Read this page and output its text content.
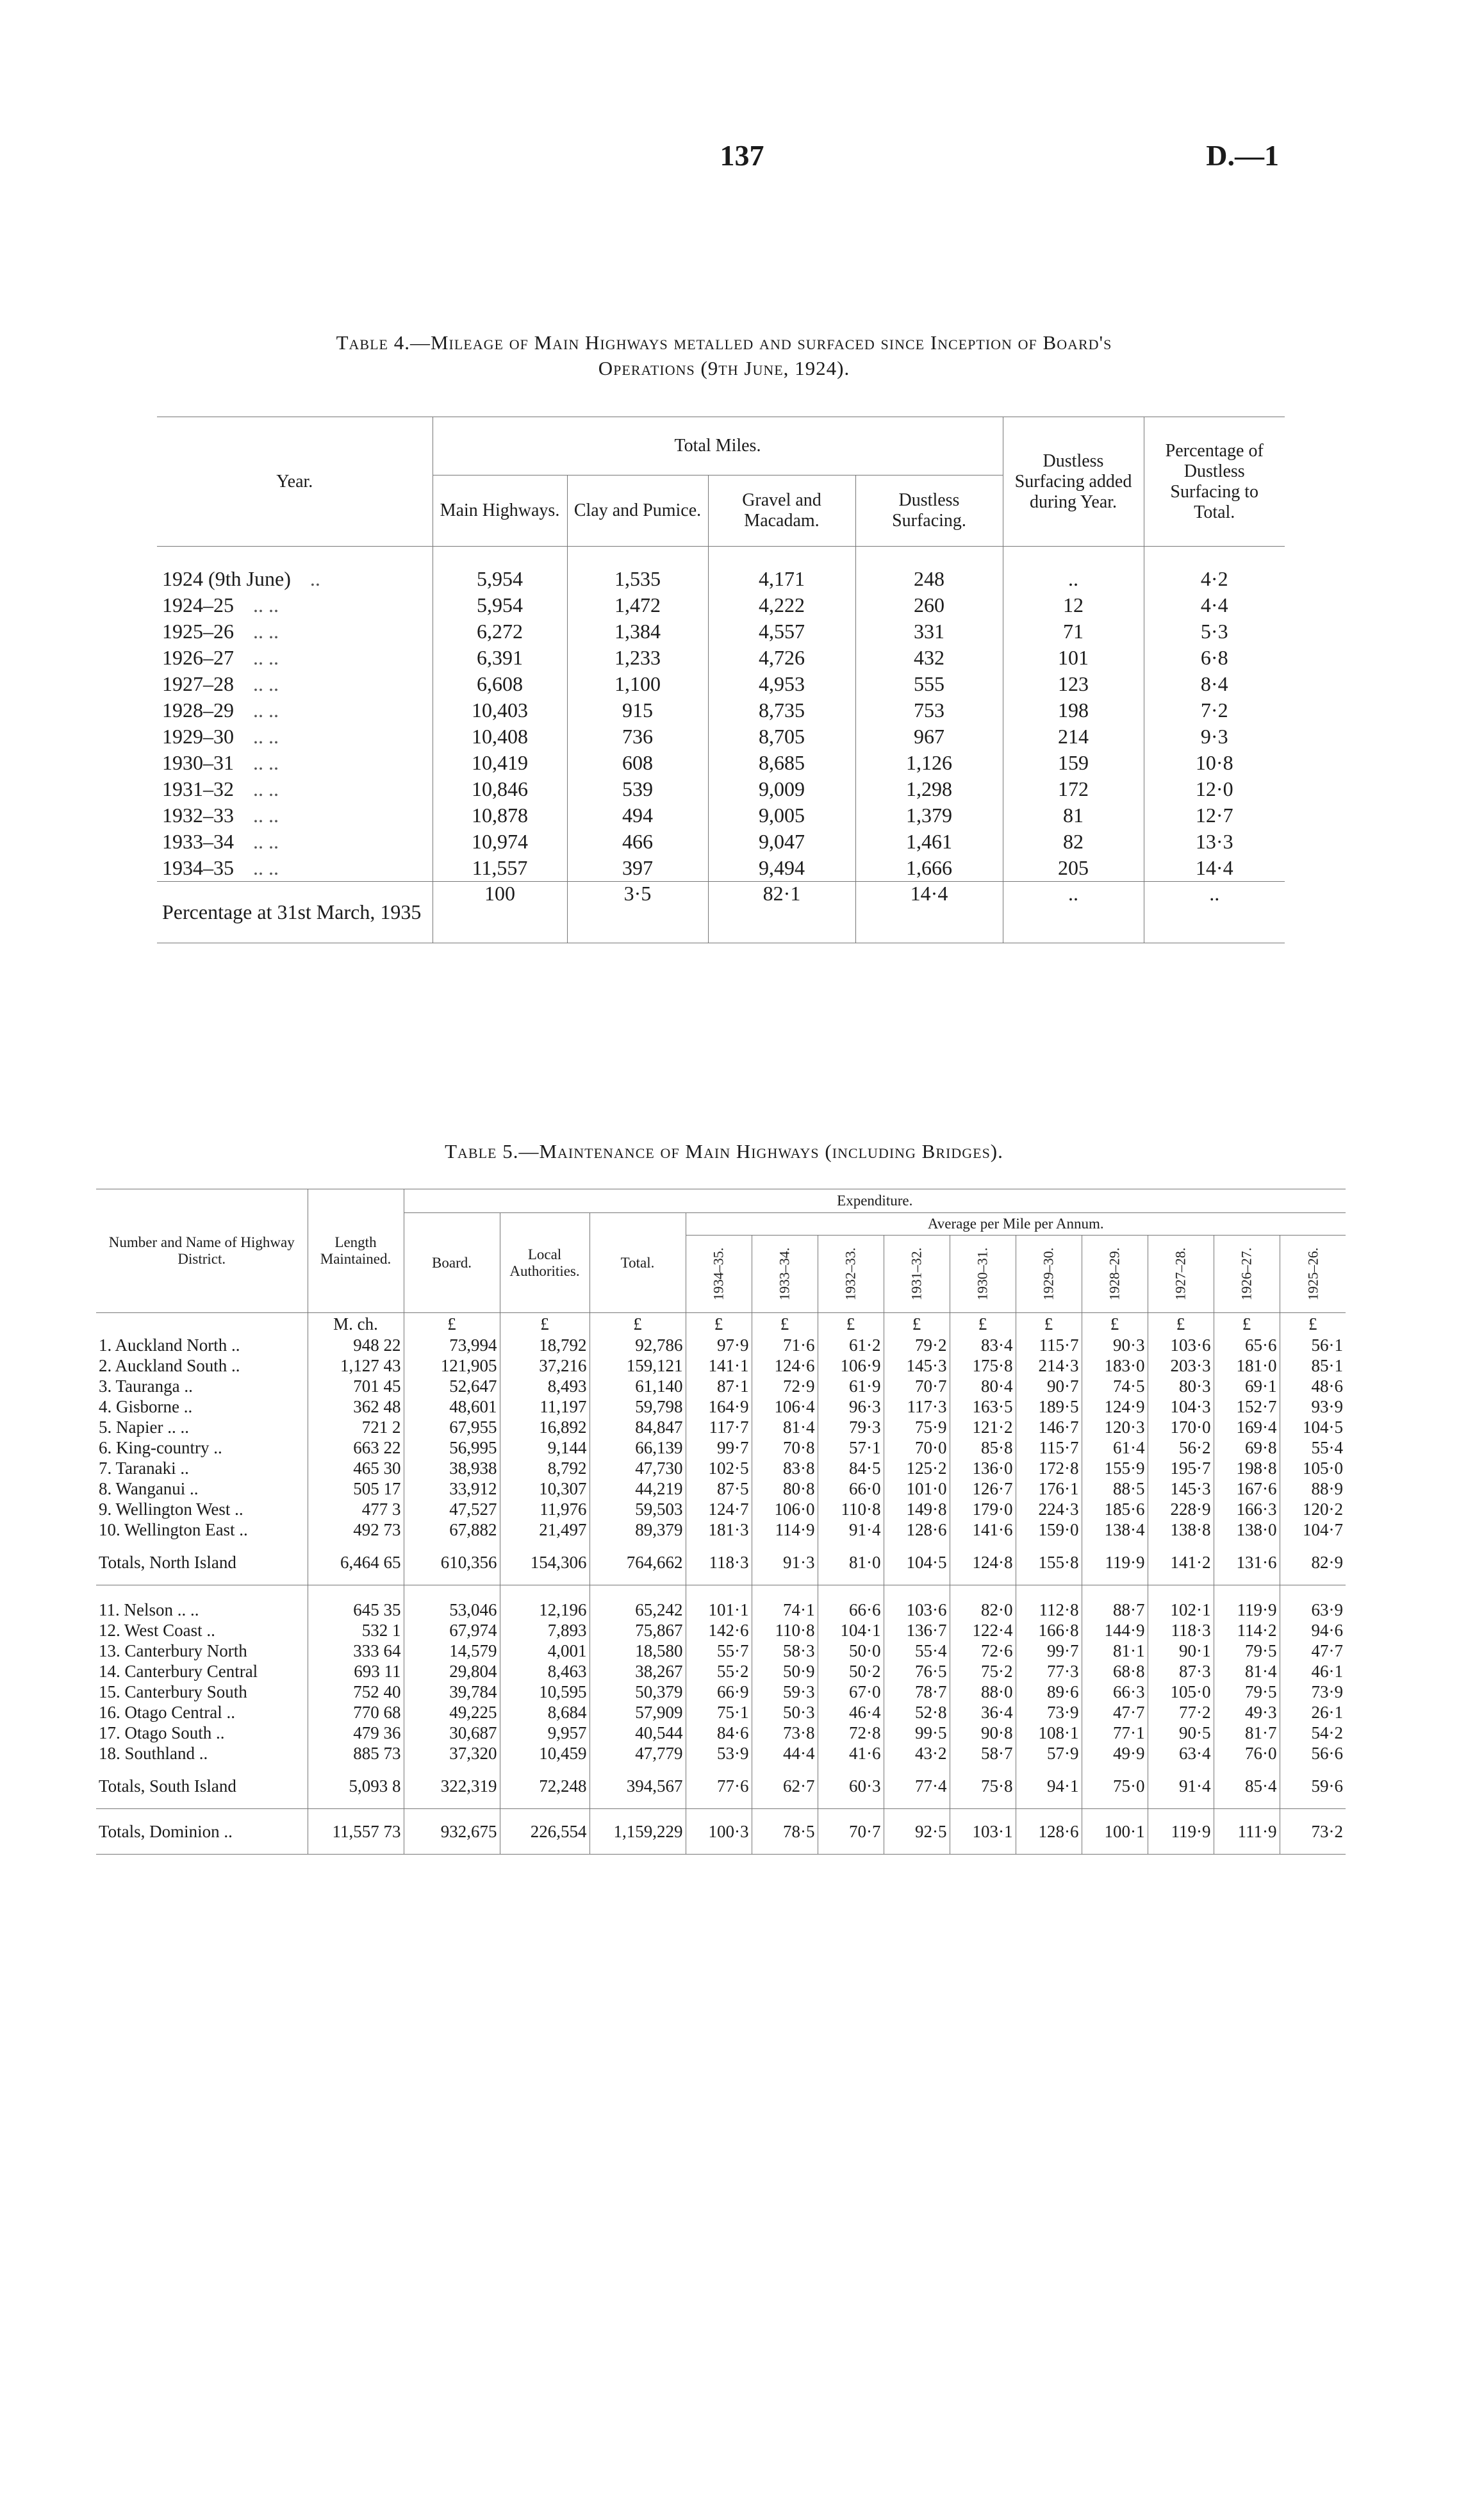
137	D.—1
Table 4.—Mileage of Main Highways metalled and surfaced since Inception of Board's
Operations (9th June, 1924).
Year.	Total Miles.				Dustless Surfacing added during Year.	Percentage of Dustless Surfacing to Total.
	Main Highways.	Clay and Pumice.	Gravel and Macadam.	Dustless Surfacing.		
1924 (9th June) ..	5,954	1,535	4,171	248	..	4·2
1924–25 .. ..	5,954	1,472	4,222	260	12	4·4
1925–26 .. ..	6,272	1,384	4,557	331	71	5·3
1926–27 .. ..	6,391	1,233	4,726	432	101	6·8
1927–28 .. ..	6,608	1,100	4,953	555	123	8·4
1928–29 .. ..	10,403	915	8,735	753	198	7·2
1929–30 .. ..	10,408	736	8,705	967	214	9·3
1930–31 .. ..	10,419	608	8,685	1,126	159	10·8
1931–32 .. ..	10,846	539	9,009	1,298	172	12·0
1932–33 .. ..	10,878	494	9,005	1,379	81	12·7
1933–34 .. ..	10,974	466	9,047	1,461	82	13·3
1934–35 .. ..	11,557	397	9,494	1,666	205	14·4
Percentage at 31st March, 1935	100	3·5	82·1	14·4	..	..
Table 5.—Maintenance of Main Highways (including Bridges).
Number and Name of Highway District.	Length Maintained.	Expenditure.												
		Board.	Local Authorities.	Total.	Average per Mile per Annum.									
					1934–35.	1933–34.	1932–33.	1931–32.	1930–31.	1929–30.	1928–29.	1927–28.	1926–27.	1925–26.
	M. ch.	£	£	£	£	£	£	£	£	£	£	£	£	£
1. Auckland North ..	948 22	73,994	18,792	92,786	97·9	71·6	61·2	79·2	83·4	115·7	90·3	103·6	65·6	56·1
2. Auckland South ..	1,127 43	121,905	37,216	159,121	141·1	124·6	106·9	145·3	175·8	214·3	183·0	203·3	181·0	85·1
3. Tauranga ..	701 45	52,647	8,493	61,140	87·1	72·9	61·9	70·7	80·4	90·7	74·5	80·3	69·1	48·6
4. Gisborne ..	362 48	48,601	11,197	59,798	164·9	106·4	96·3	117·3	163·5	189·5	124·9	104·3	152·7	93·9
5. Napier .. ..	721 2	67,955	16,892	84,847	117·7	81·4	79·3	75·9	121·2	146·7	120·3	170·0	169·4	104·5
6. King-country ..	663 22	56,995	9,144	66,139	99·7	70·8	57·1	70·0	85·8	115·7	61·4	56·2	69·8	55·4
7. Taranaki ..	465 30	38,938	8,792	47,730	102·5	83·8	84·5	125·2	136·0	172·8	155·9	195·7	198·8	105·0
8. Wanganui ..	505 17	33,912	10,307	44,219	87·5	80·8	66·0	101·0	126·7	176·1	88·5	145·3	167·6	88·9
9. Wellington West ..	477 3	47,527	11,976	59,503	124·7	106·0	110·8	149·8	179·0	224·3	185·6	228·9	166·3	120·2
10. Wellington East ..	492 73	67,882	21,497	89,379	181·3	114·9	91·4	128·6	141·6	159·0	138·4	138·8	138·0	104·7
Totals, North Island	6,464 65	610,356	154,306	764,662	118·3	91·3	81·0	104·5	124·8	155·8	119·9	141·2	131·6	82·9
11. Nelson .. ..	645 35	53,046	12,196	65,242	101·1	74·1	66·6	103·6	82·0	112·8	88·7	102·1	119·9	63·9
12. West Coast ..	532 1	67,974	7,893	75,867	142·6	110·8	104·1	136·7	122·4	166·8	144·9	118·3	114·2	94·6
13. Canterbury North	333 64	14,579	4,001	18,580	55·7	58·3	50·0	55·4	72·6	99·7	81·1	90·1	79·5	47·7
14. Canterbury Central	693 11	29,804	8,463	38,267	55·2	50·9	50·2	76·5	75·2	77·3	68·8	87·3	81·4	46·1
15. Canterbury South	752 40	39,784	10,595	50,379	66·9	59·3	67·0	78·7	88·0	89·6	66·3	105·0	79·5	73·9
16. Otago Central ..	770 68	49,225	8,684	57,909	75·1	50·3	46·4	52·8	36·4	73·9	47·7	77·2	49·3	26·1
17. Otago South ..	479 36	30,687	9,957	40,544	84·6	73·8	72·8	99·5	90·8	108·1	77·1	90·5	81·7	54·2
18. Southland ..	885 73	37,320	10,459	47,779	53·9	44·4	41·6	43·2	58·7	57·9	49·9	63·4	76·0	56·6
Totals, South Island	5,093 8	322,319	72,248	394,567	77·6	62·7	60·3	77·4	75·8	94·1	75·0	91·4	85·4	59·6
Totals, Dominion ..	11,557 73	932,675	226,554	1,159,229	100·3	78·5	70·7	92·5	103·1	128·6	100·1	119·9	111·9	73·2
